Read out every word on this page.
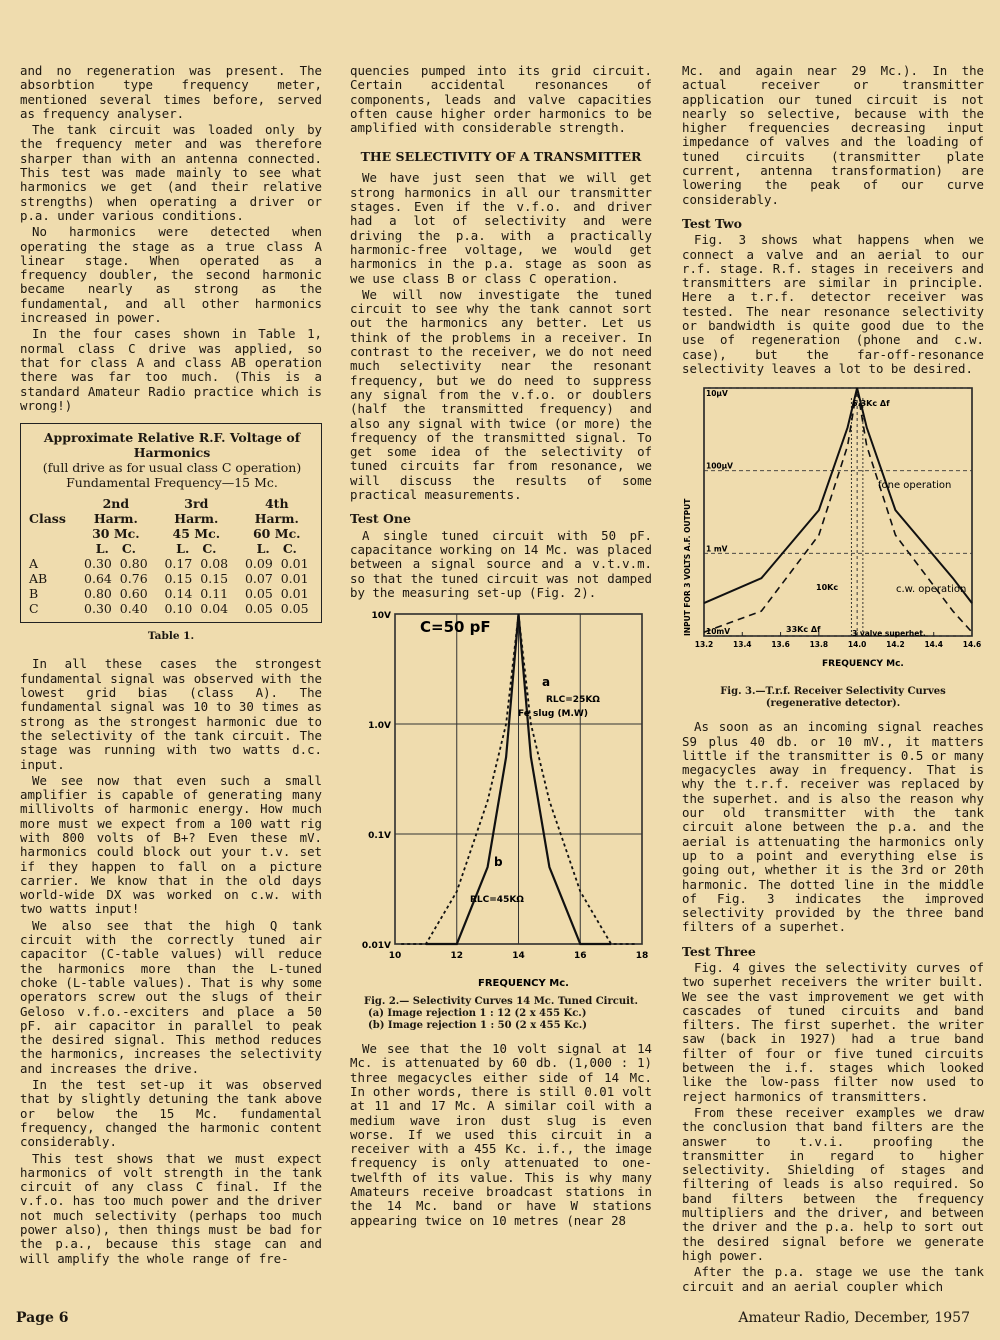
and no regeneration was present. The absorbtion type frequency meter, mentioned several times before, served as frequency analyser.

The tank circuit was loaded only by the frequency meter and was therefore sharper than with an antenna connected. This test was made mainly to see what harmonics we get (and their relative strengths) when operating a driver or p.a. under various conditions.

No harmonics were detected when operating the stage as a true class A linear stage. When operated as a frequency doubler, the second harmonic became nearly as strong as the fundamental, and all other harmonics increased in power.

In the four cases shown in Table 1, normal class C drive was applied, so that for class A and class AB operation there was far too much. (This is a standard Amateur Radio practice which is wrong!)

Approximate Relative R.F. Voltage of Harmonics
(full drive as for usual class C operation)
Fundamental Frequency—15 Mc.
	2nd	3rd	4th
Class	Harm.	Harm.	Harm.
	30 Mc.	45 Mc.	60 Mc.
	L.   C.	L.   C.	L.   C.
A	0.30  0.80	0.17  0.08	0.09  0.01
AB	0.64  0.76	0.15  0.15	0.07  0.01
B	0.80  0.60	0.14  0.11	0.05  0.01
C	0.30  0.40	0.10  0.04	0.05  0.05
Table 1.

In all these cases the strongest fundamental signal was observed with the lowest grid bias (class A). The fundamental signal was 10 to 30 times as strong as the strongest harmonic due to the selectivity of the tank circuit. The stage was running with two watts d.c. input.

We see now that even such a small amplifier is capable of generating many millivolts of harmonic energy. How much more must we expect from a 100 watt rig with 800 volts of B+? Even these mV. harmonics could block out your t.v. set if they happen to fall on a picture carrier. We know that in the old days world-wide DX was worked on c.w. with two watts input!

We also see that the high Q tank circuit with the correctly tuned air capacitor (C-table values) will reduce the harmonics more than the L-tuned choke (L-table values). That is why some operators screw out the slugs of their Geloso v.f.o.-exciters and place a 50 pF. air capacitor in parallel to peak the desired signal. This method reduces the harmonics, increases the selectivity and increases the drive.

In the test set-up it was observed that by slightly detuning the tank above or below the 15 Mc. fundamental frequency, changed the harmonic content considerably.

This test shows that we must expect harmonics of volt strength in the tank circuit of any class C final. If the v.f.o. has too much power and the driver not much selectivity (perhaps too much power also), then things must be bad for the p.a., because this stage can and will amplify the whole range of fre-

quencies pumped into its grid circuit. Certain accidental resonances of components, leads and valve capacities often cause higher order harmonics to be amplified with considerable strength.

THE SELECTIVITY OF A TRANSMITTER

We have just seen that we will get strong harmonics in all our transmitter stages. Even if the v.f.o. and driver had a lot of selectivity and were driving the p.a. with a practically harmonic-free voltage, we would get harmonics in the p.a. stage as soon as we use class B or class C operation.

We will now investigate the tuned circuit to see why the tank cannot sort out the harmonics any better. Let us think of the problems in a receiver. In contrast to the receiver, we do not need much selectivity near the resonant frequency, but we do need to suppress any signal from the v.f.o. or doublers (half the transmitted frequency) and also any signal with twice (or more) the frequency of the transmitted signal. To get some idea of the selectivity of tuned circuits far from resonance, we will discuss the results of some practical measurements.

Test One

A single tuned circuit with 50 pF. capacitance working on 14 Mc. was placed between a signal source and a v.t.v.m. so that the tuned circuit was not damped by the measuring set-up (Fig. 2).

10V
1.0V
0.1V
0.01V
10	12	14	16	18
C=50 pF
a
RLC=25KΩ
Fe slug (M.W)
b
RLC=45KΩ
FREQUENCY Mc.
Fig. 2.— Selectivity Curves 14 Mc. Tuned Circuit.
(a) Image rejection 1 : 12 (2 x 455 Kc.)
(b) Image rejection 1 : 50 (2 x 455 Kc.)

We see that the 10 volt signal at 14 Mc. is attenuated by 60 db. (1,000 : 1) three megacycles either side of 14 Mc. In other words, there is still 0.01 volt at 11 and 17 Mc. A similar coil with a medium wave iron dust slug is even worse. If we used this circuit in a receiver with a 455 Kc. i.f., the image frequency is only attenuated to one-twelfth of its value. This is why many Amateurs receive broadcast stations in the 14 Mc. band or have W stations appearing twice on 10 metres (near 28

Mc. and again near 29 Mc.). In the actual receiver or transmitter application our tuned circuit is not nearly so selective, because with the higher frequencies decreasing input impedance of valves and the loading of tuned circuits (transmitter plate current, antenna transformation) are lowering the peak of our curve considerably.

Test Two

Fig. 3 shows what happens when we connect a valve and an aerial to our r.f. stage. R.f. stages in receivers and transmitters are similar in principle. Here a t.r.f. detector receiver was tested. The near resonance selectivity or bandwidth is quite good due to the use of regeneration (phone and c.w. case), but the far-off-resonance selectivity leaves a lot to be desired.

10μV
100μV
1 mV
10mV
13.2	13.4	13.6	13.8	14.0	14.2	14.4	14.6
INPUT FOR 3 VOLTS A.F. OUTPUT
6.3Kc Δf
fone operation
c.w. operation
10Kc
33Kc Δf	3 valve superhet.
FREQUENCY Mc.
Fig. 3.—T.r.f. Receiver Selectivity Curves (regenerative detector).

As soon as an incoming signal reaches S9 plus 40 db. or 10 mV., it matters little if the transmitter is 0.5 or many megacycles away in frequency. That is why the t.r.f. receiver was replaced by the superhet. and is also the reason why our old transmitter with the tank circuit alone between the p.a. and the aerial is attenuating the harmonics only up to a point and everything else is going out, whether it is the 3rd or 20th harmonic. The dotted line in the middle of Fig. 3 indicates the improved selectivity provided by the three band filters of a superhet.

Test Three

Fig. 4 gives the selectivity curves of two superhet receivers the writer built. We see the vast improvement we get with cascades of tuned circuits and band filters. The first superhet. the writer saw (back in 1927) had a true band filter of four or five tuned circuits between the i.f. stages which looked like the low-pass filter now used to reject harmonics of transmitters.

From these receiver examples we draw the conclusion that band filters are the answer to t.v.i. proofing the transmitter in regard to higher selectivity. Shielding of stages and filtering of leads is also required. So band filters between the frequency multipliers and the driver, and between the driver and the p.a. help to sort out the desired signal before we generate high power.

After the p.a. stage we use the tank circuit and an aerial coupler which

Page 6	Amateur Radio, December, 1957
